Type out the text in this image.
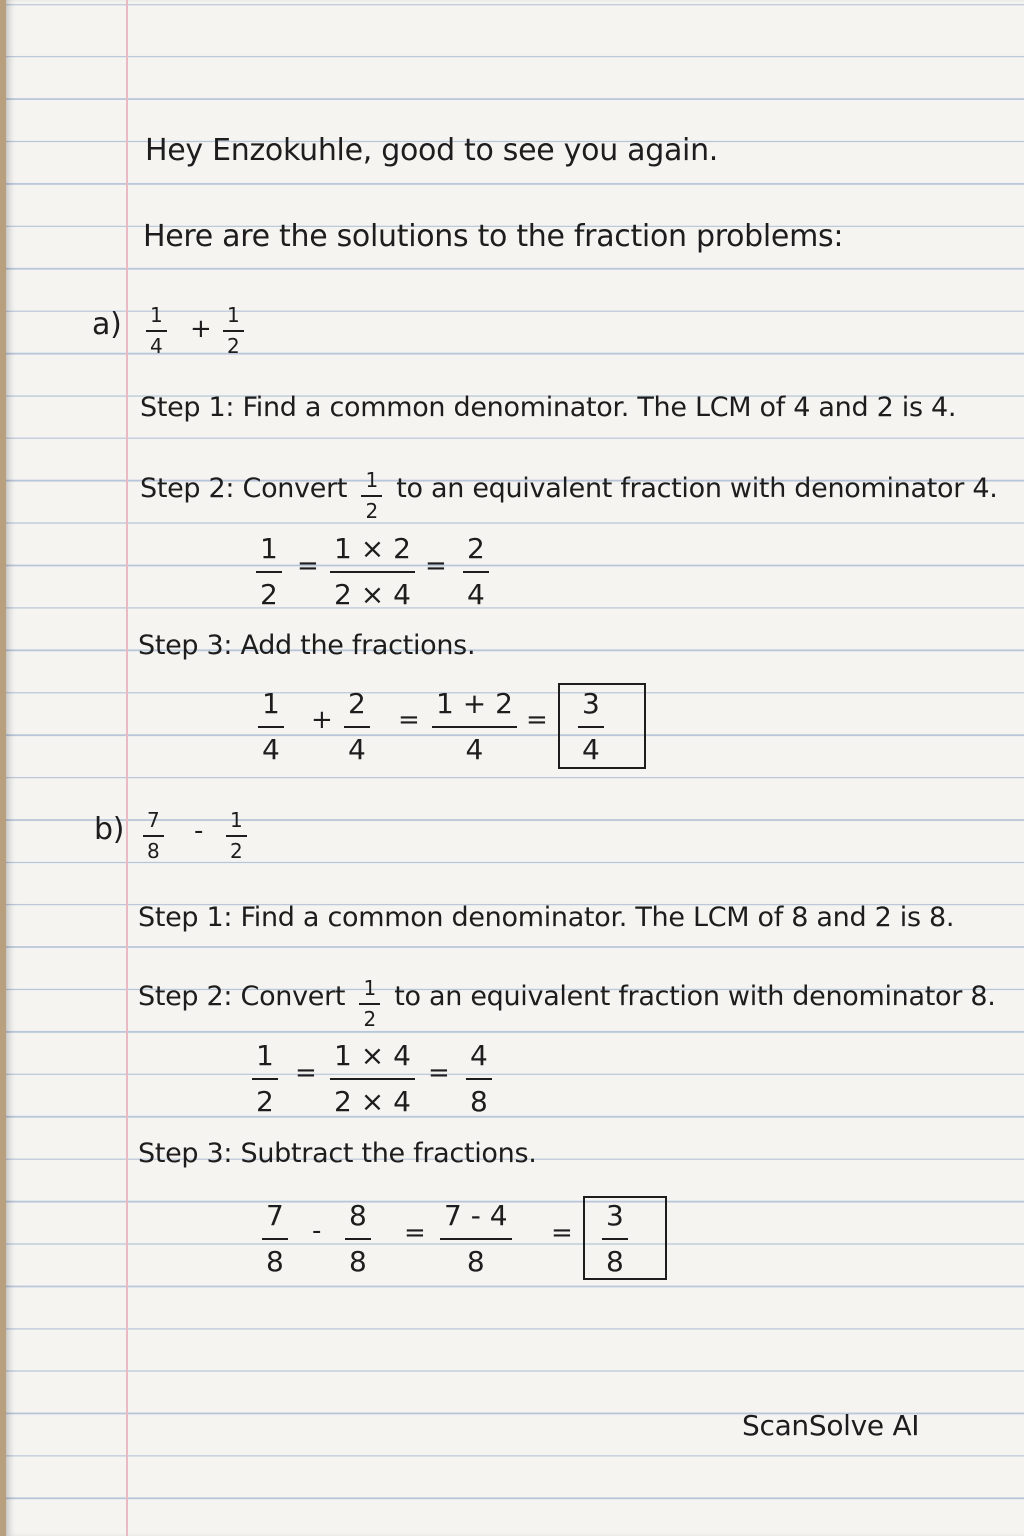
Hey Enzokuhle, good to see you again.
Here are the solutions to the fraction problems:
a) 1
4
+ 1
2
Step 1: Find a common denominator. The LCM of 4 and 2 is 4.
Step 2: Convert $\frac{1}{2}$ to an equivalent fraction with denominator 4.
1
2
=
1 × 2
2 × 4
=
2
4
Step 3: Add the fractions.
1
4
+ 2
4
= 1 + 2
4
= 3
4
b) 7
8
- 1
2
Step 1: Find a common denominator. The LCM of 8 and 2 is 8.
Step 2: Convert $\frac{1}{2}$ to an equivalent fraction with denominator 8.
1
2
=
1 × 4
2 × 4
=
4
8
Step 3: Subtract the fractions.
7
8
- 8
8
=
7 - 4
8
=
3
8
ScanSolve AI
